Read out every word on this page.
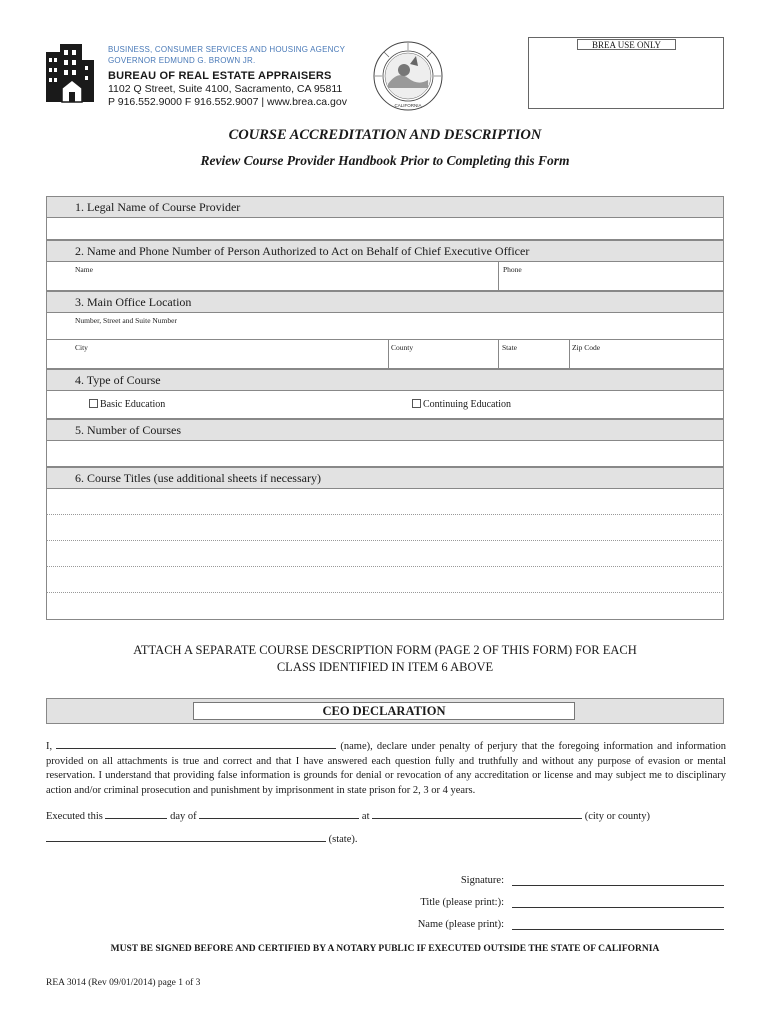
BUSINESS, CONSUMER SERVICES AND HOUSING AGENCY
GOVERNOR EDMUND G. BROWN JR.
BUREAU OF REAL ESTATE APPRAISERS
1102 Q Street, Suite 4100, Sacramento, CA 95811
P 916.552.9000 F 916.552.9007 | www.brea.ca.gov	CALIFORNIA
BREA USE ONLY
COURSE ACCREDITATION AND DESCRIPTION
Review Course Provider Handbook Prior to Completing this Form
1. Legal Name of Course Provider
2. Name and Phone Number of Person Authorized to Act on Behalf of Chief Executive Officer
Name	Phone
3. Main Office Location
Number, Street and Suite Number
City	County	State	Zip Code
4. Type of Course
Basic Education	Continuing Education
5. Number of Courses
6. Course Titles (use additional sheets if necessary)
ATTACH A SEPARATE COURSE DESCRIPTION FORM (PAGE 2 OF THIS FORM) FOR EACH
CLASS IDENTIFIED IN ITEM 6 ABOVE
CEO DECLARATION
I,	(name), declare under penalty of perjury that the foregoing information and information provided on all attachments is true and correct and that I have answered each question fully and truthfully and without any purpose of evasion or mental reservation. I understand that providing false information is grounds for denial or revocation of any accreditation or license and may subject me to disciplinary action and/or criminal prosecution and punishment by imprisonment in state prison for 2, 3 or 4 years.
Executed this	day of	at	(city or county)
(state).
Signature:
Title (please print:):
Name (please print):
MUST BE SIGNED BEFORE AND CERTIFIED BY A NOTARY PUBLIC IF EXECUTED OUTSIDE THE STATE OF CALIFORNIA
REA 3014 (Rev 09/01/2014) page 1 of 3
